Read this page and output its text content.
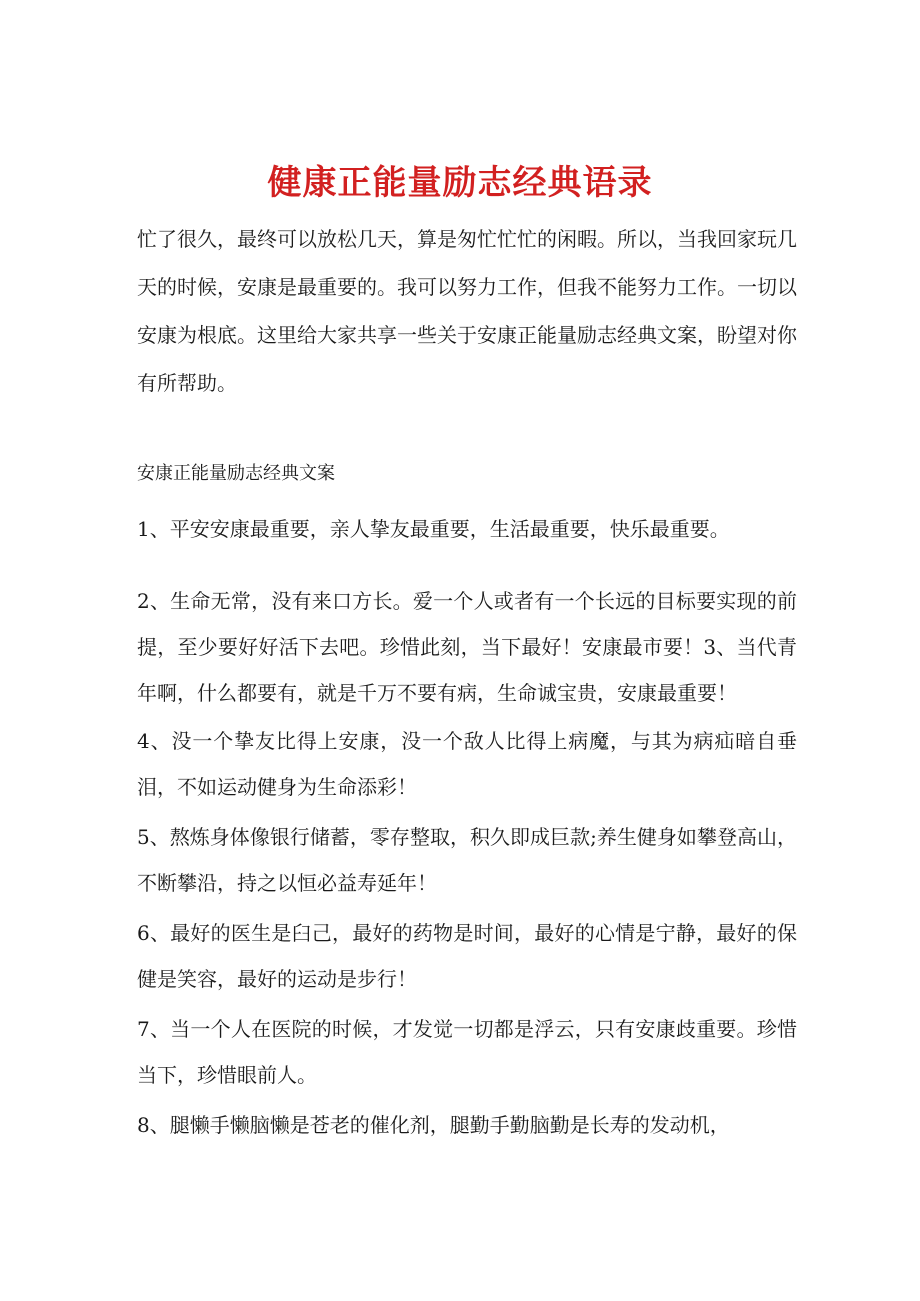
健康正能量励志经典语录

忙了很久，最终可以放松几天，算是匆忙忙忙的闲暇。所以，当我回家玩几天的时候，安康是最重要的。我可以努力工作，但我不能努力工作。一切以安康为根底。这里给大家共享一些关于安康正能量励志经典文案，盼望对你有所帮助。

安康正能量励志经典文案

1、平安安康最重要，亲人挚友最重要，生活最重要，快乐最重要。
2、生命无常，没有来口方长。爱一个人或者有一个长远的目标要实现的前提，至少要好好活下去吧。珍惜此刻，当下最好！安康最市要！3、当代青年啊，什么都要有，就是千万不要有病，生命诚宝贵，安康最重要！
4、没一个挚友比得上安康，没一个敌人比得上病魔，与其为病疝暗自垂泪，不如运动健身为生命添彩！
5、熬炼身体像银行储蓄，零存整取，积久即成巨款;养生健身如攀登高山，不断攀沿，持之以恒必益寿延年！
6、最好的医生是臼己，最好的药物是时间，最好的心情是宁静，最好的保健是笑容，最好的运动是步行！
7、当一个人在医院的时候，才发觉一切都是浮云，只有安康歧重要。珍惜当下，珍惜眼前人。
8、腿懒手懒脑懒是苍老的催化剂，腿勤手勤脑勤是长寿的发动机，
